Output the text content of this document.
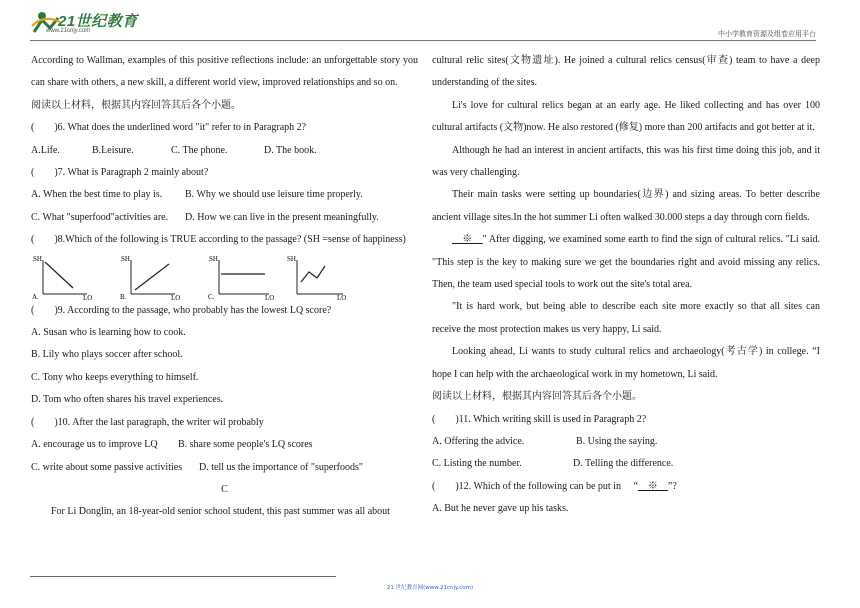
21世纪教育
www.21cnjy.com	中小学教育资源及组卷应用平台

According to Wallman, examples of this positive reflections include: an unforgettable story you can share with others, a new skill, a different world view, improved relationships and so on.

阅读以上材料，根据其内容回答其后各个小题。

(　　)6. What does the underlined word "it" refer to in Paragraph 2?

A.Life.	B.Leisure.	C. The phone.	D. The book.

(　　)7. What is Paragraph 2 mainly about?

A. When the best time to play is.	B. Why we should use leisure time properly.
C. What "superfood"activities are.	D. How we can live in the present meaningfully.

(　　)8.Which of the following is TRUE according to the passage? (SH =sense of happiness)

SH
LQ
A.
SH
LQ
B.
SH
LQ
C.
SH
LQ

(　　)9. According to the passage, who probably has the lowest LQ score?

A. Susan who is learning how to cook.

B. Lily who plays soccer after school.

C. Tony who keeps everything to himself.

D. Tom who often shares his travel experiences.

(　　)10. After the last paragraph, the writer wil probably

A. encourage us to improve LQ	B. share some people's LQ scores
C. write about some passive activities	D. tell us the importance of "superfoods"

C

For Li Donglin, an 18-year-old senior school student, this past summer was all about

cultural relic sites(文物遗址). He joined a cultural relics census(审查) team to have a deep understanding of the sites.

Li's love for cultural relics began at an early age. He liked collecting and has over 100 cultural artifacts (文物)now. He also restored (修复) more than 200 artifacts and got better at it.

Although he had an interest in ancient artifacts, this was his first time doing this job, and it was very challenging.

Their main tasks were setting up boundaries(边界) and sizing areas. To better describe ancient village sites.In the hot summer Li often walked 30.000 steps a day through corn fields.

　※　" After digging, we examined some earth to find the sign of cultural relics. "Li said. "This step is the key to making sure we get the boundaries right and avoid missing any relics. Then, the team used special tools to work out the site's total area.

"It is hard work, but being able to describe each site more exactly so that all sites can receive the most protection makes us very happy, Li said.

Looking ahead, Li wants to study cultural relics and archaeology(考古学) in college. “I hope I can help with the archaeological work in my hometown, Li said.

阅读以上材料，根据其内容回答其后各个小题。

(　　)11. Which writing skill is used in Paragraph 2?

A. Offering the advice.	B. Using the saying.
C. Listing the number.	D. Telling the difference.

(　　)12. Which of the following can be put in 　“　※　”?

A. But he never gave up his tasks.

21 世纪教育网(www.21cnjy.com)
